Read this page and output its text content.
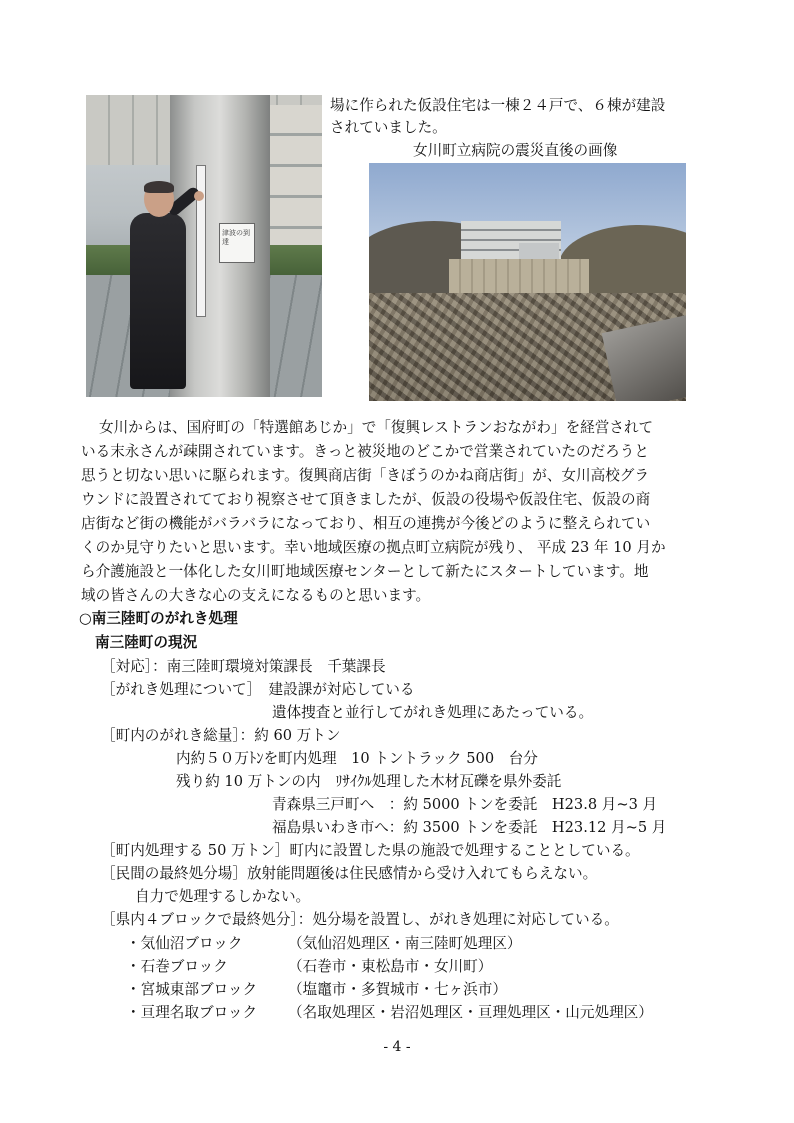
津波の到達
場に作られた仮設住宅は一棟２４戸で、６棟が建設
されていました。
女川町立病院の震災直後の画像
女川からは、国府町の「特選館あじか」で「復興レストランおながわ」を経営されて
いる末永さんが疎開されています。きっと被災地のどこかで営業されていたのだろうと
思うと切ない思いに駆られます。復興商店街「きぼうのかね商店街」が、女川高校グラ
ウンドに設置されてており視察させて頂きましたが、仮設の役場や仮設住宅、仮設の商
店街など街の機能がバラバラになっており、相互の連携が今後どのように整えられてい
くのか見守りたいと思います。幸い地域医療の拠点町立病院が残り、 平成 23 年 10 月か
ら介護施設と一体化した女川町地域医療センターとして新たにスタートしています。地
域の皆さんの大きな心の支えになるものと思います。
○南三陸町のがれき処理
南三陸町の現況
［対応］：南三陸町環境対策課長　千葉課長
［がれき処理について］　建設課が対応している
遺体捜査と並行してがれき処理にあたっている。
［町内のがれき総量］：約 60 万トン
内約５０万ﾄﾝを町内処理　10 トントラック 500　台分
残り約 10 万トンの内　ﾘｻｲｸﾙ処理した木材瓦礫を県外委託
青森県三戸町へ　：約 5000 トンを委託　H23.8 月~3 月
福島県いわき市へ：約 3500 トンを委託　H23.12 月~5 月
［町内処理する 50 万トン］町内に設置した県の施設で処理することとしている。
［民間の最終処分場］放射能問題後は住民感情から受け入れてもらえない。
自力で処理するしかない。
［県内４ブロックで最終処分］：処分場を設置し、がれき処理に対応している。
・気仙沼ブロック	（気仙沼処理区・南三陸町処理区）
・石巻ブロック	（石巻市・東松島市・女川町）
・宮城東部ブロック （塩竈市・多賀城市・七ヶ浜市）
・亘理名取ブロック （名取処理区・岩沼処理区・亘理処理区・山元処理区）
- 4 -
